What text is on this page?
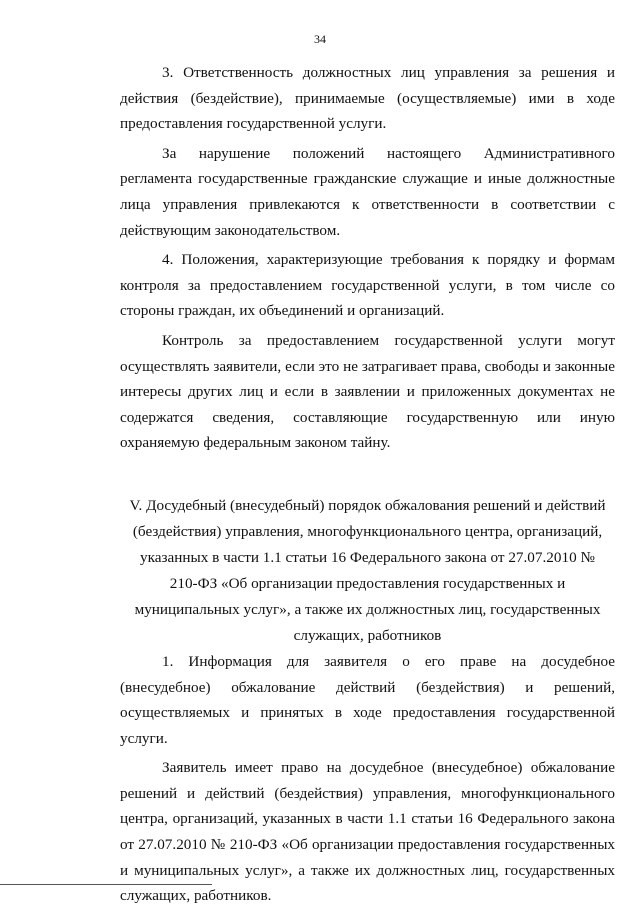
34

3. Ответственность должностных лиц управления за решения и действия (бездействие), принимаемые (осуществляемые) ими в ходе предоставления государственной услуги.

За нарушение положений настоящего Административного регламента государственные гражданские служащие и иные должностные лица управления привлекаются к ответственности в соответствии с действующим законодательством.

4. Положения, характеризующие требования к порядку и формам контроля за предоставлением государственной услуги, в том числе со стороны граждан, их объединений и организаций.

Контроль за предоставлением государственной услуги могут осуществлять заявители, если это не затрагивает права, свободы и законные интересы других лиц и если в заявлении и приложенных документах не содержатся сведения, составляющие государственную или иную охраняемую федеральным законом тайну.

V. Досудебный (внесудебный) порядок обжалования решений и действий (бездействия) управления, многофункционального центра, организаций, указанных в части 1.1 статьи 16 Федерального закона от 27.07.2010 № 210-ФЗ «Об организации предоставления государственных и муниципальных услуг», а также их должностных лиц, государственных служащих, работников

1. Информация для заявителя о его праве на досудебное (внесудебное) обжалование действий (бездействия) и решений, осуществляемых и принятых в ходе предоставления государственной услуги.

Заявитель имеет право на досудебное (внесудебное) обжалование решений и действий (бездействия) управления, многофункционального центра, организаций, указанных в части 1.1 статьи 16 Федерального закона от 27.07.2010 № 210-ФЗ «Об организации предоставления государственных и муниципальных услуг», а также их должностных лиц, государственных служащих, работников.
